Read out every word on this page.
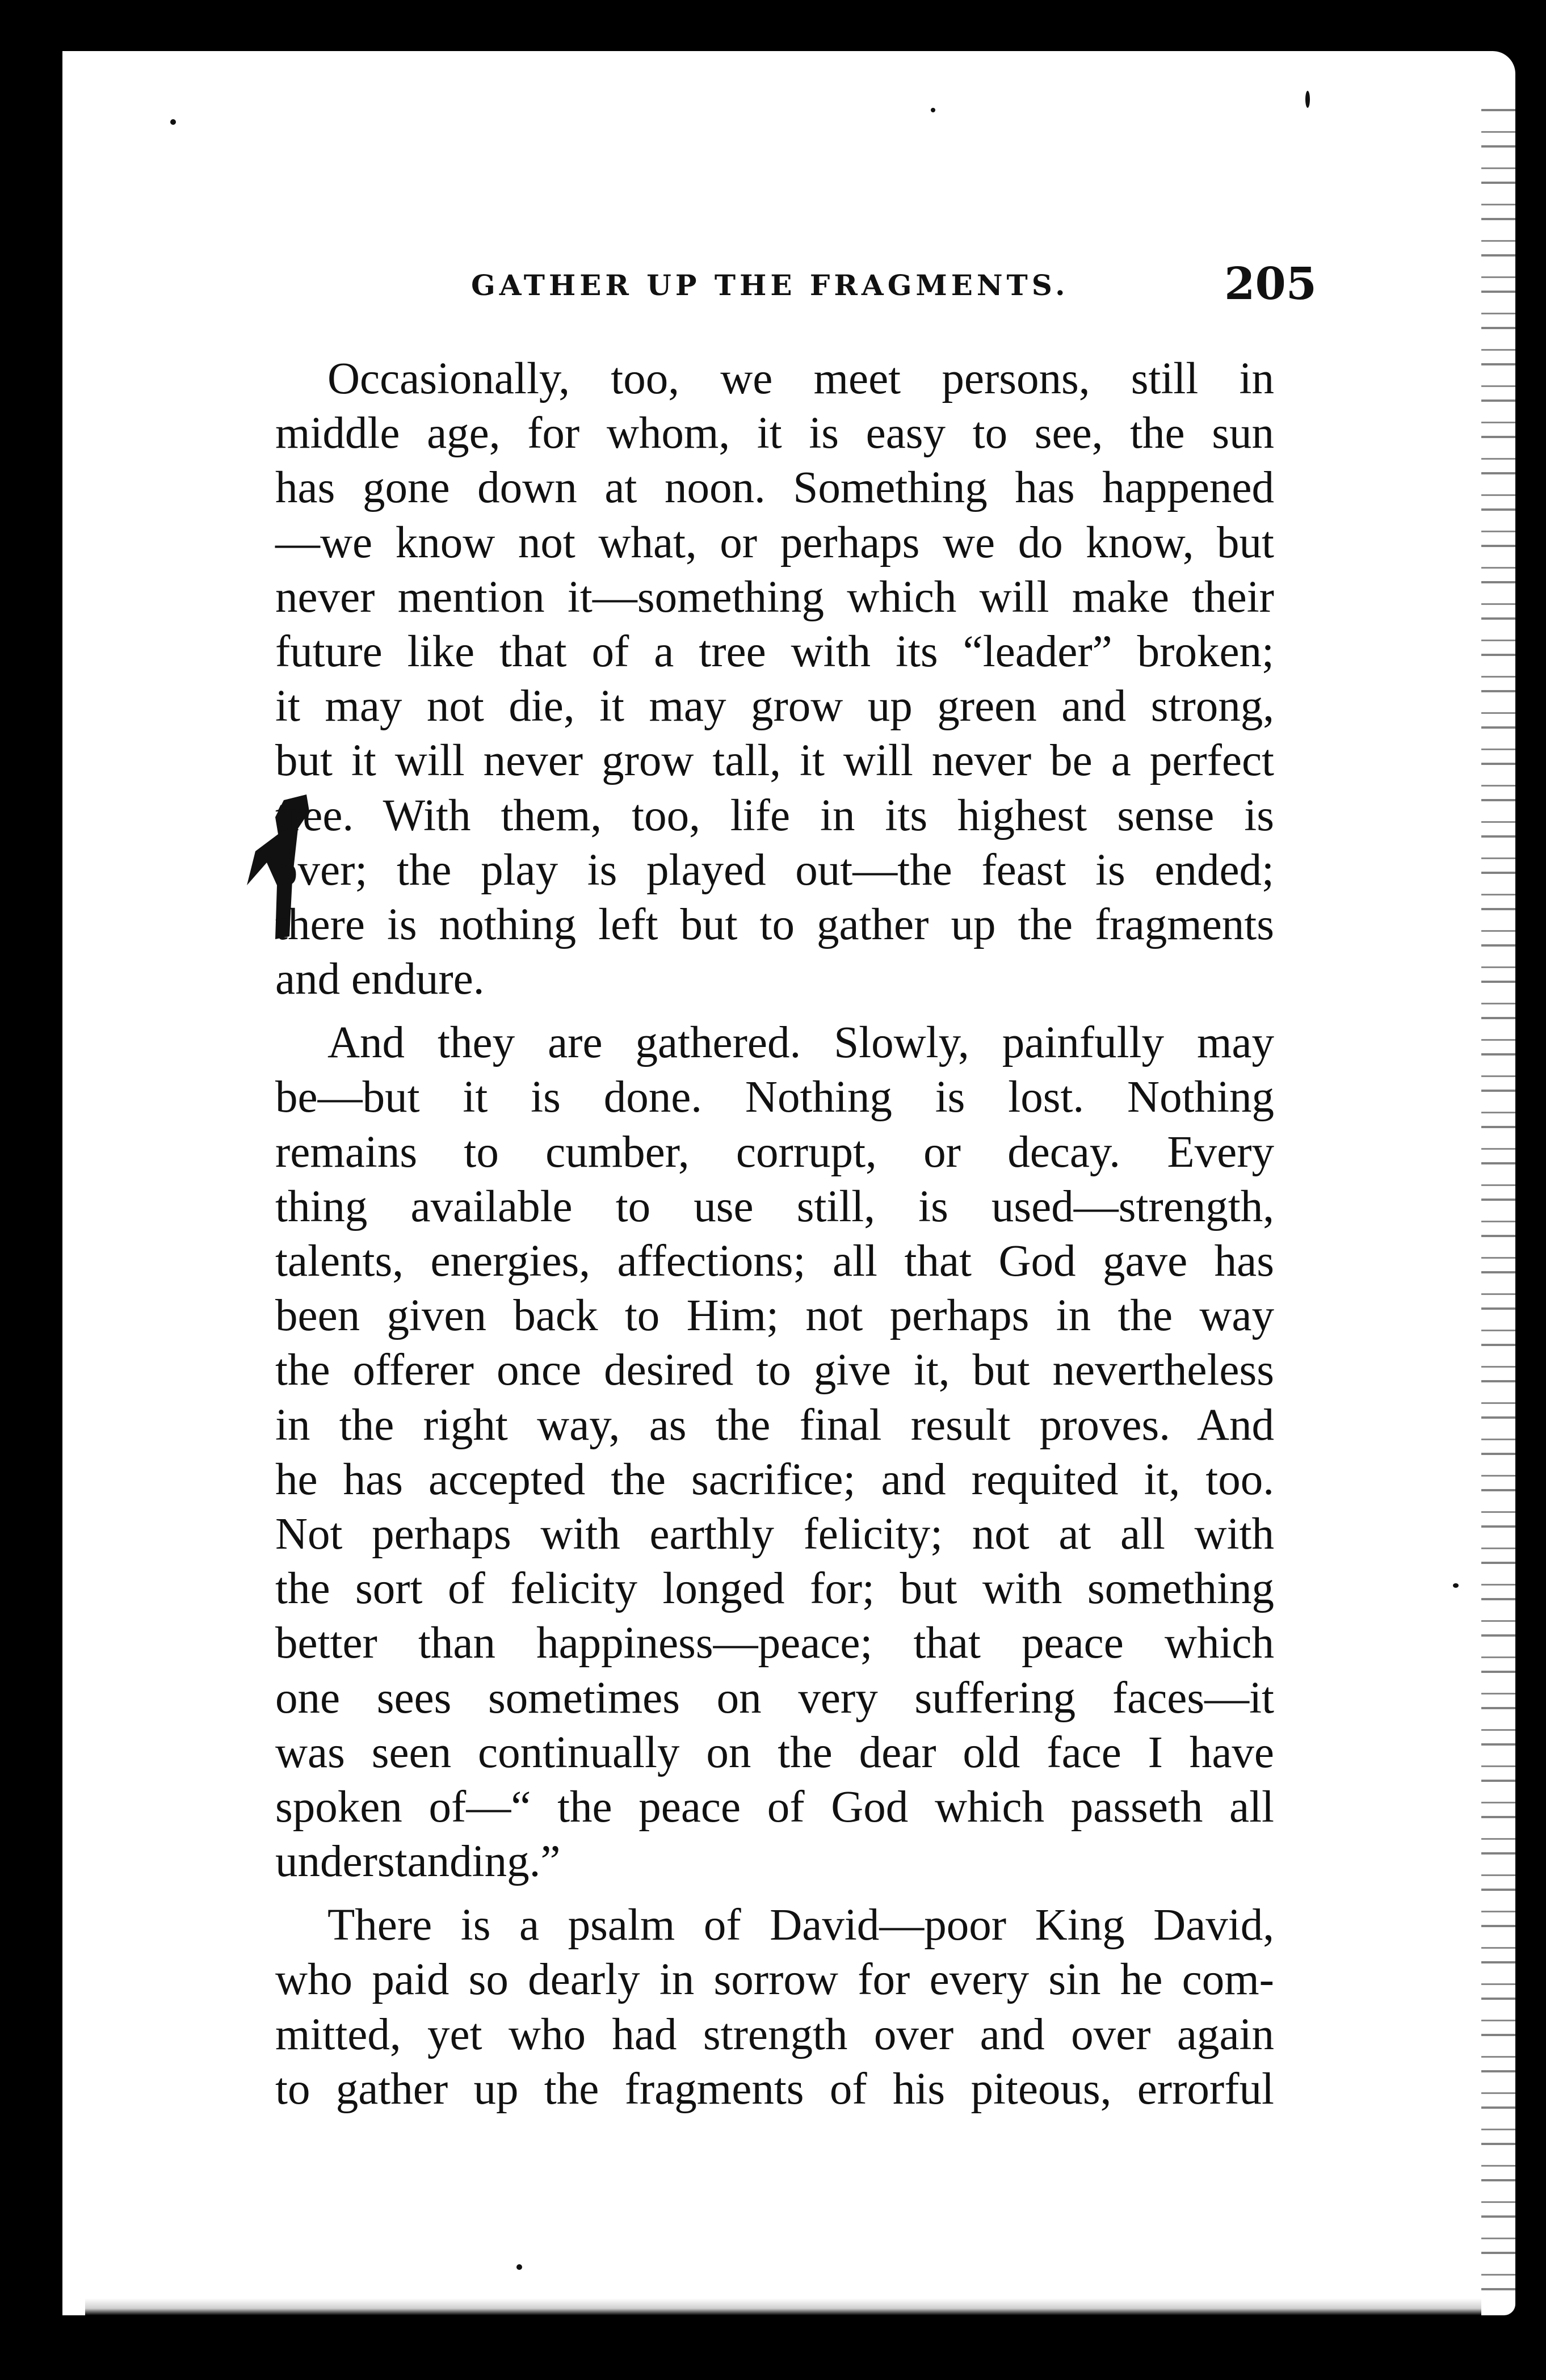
GATHER UP THE FRAGMENTS.	205
Occasionally, too, we meet persons, still in
middle age, for whom, it is easy to see, the sun
has gone down at noon. Something has happened
—we know not what, or perhaps we do know, but
never mention it—something which will make their
future like that of a tree with its “leader” broken;
it may not die, it may grow up green and strong,
but it will never grow tall, it will never be a perfect
tree. With them, too, life in its highest sense is
over; the play is played out—the feast is ended;
there is nothing left but to gather up the fragments
and endure.
And they are gathered. Slowly, painfully may
be—but it is done. Nothing is lost. Nothing
remains to cumber, corrupt, or decay. Every
thing available to use still, is used—strength,
talents, energies, affections; all that God gave has
been given back to Him; not perhaps in the way
the offerer once desired to give it, but nevertheless
in the right way, as the final result proves. And
he has accepted the sacrifice; and requited it, too.
Not perhaps with earthly felicity; not at all with
the sort of felicity longed for; but with something
better than happiness—peace; that peace which
one sees sometimes on very suffering faces—it
was seen continually on the dear old face I have
spoken of—“ the peace of God which passeth all
understanding.”
There is a psalm of David—poor King David,
who paid so dearly in sorrow for every sin he com-
mitted, yet who had strength over and over again
to gather up the fragments of his piteous, errorful
